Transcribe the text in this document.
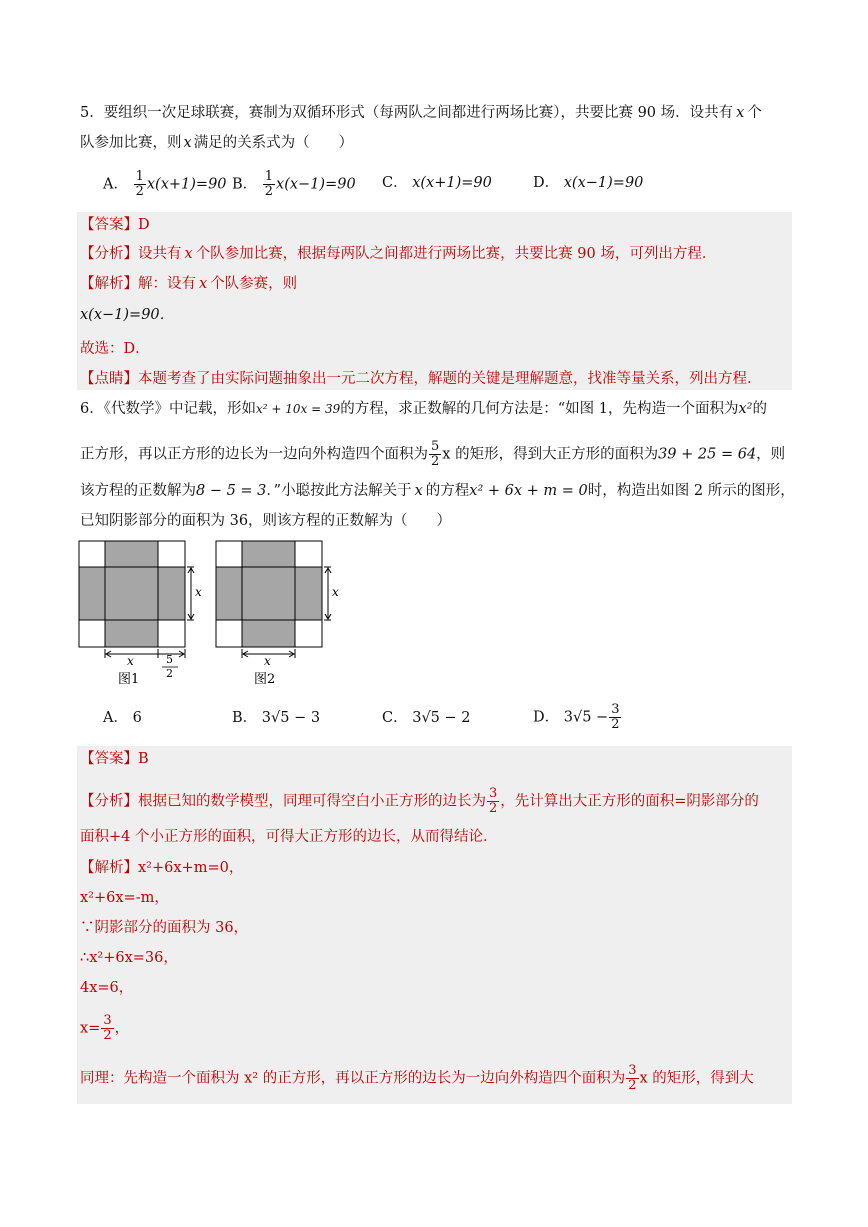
5．要组织一次足球联赛，赛制为双循环形式（每两队之间都进行两场比赛），共要比赛 90 场．设共有 x 个
队参加比赛，则 x 满足的关系式为（　　）
A． $\frac{1}{2} x(x+1)=90$ B． $\frac{1}{2} x(x-1)=90$ C． x(x+1)=90	D． x(x−1)=90
【答案】D
【分析】设共有 x 个队参加比赛，根据每两队之间都进行两场比赛，共要比赛 90 场，可列出方程．
【解析】解：设有 x 个队参赛，则
x(x−1)=90．
故选：D．
【点睛】本题考查了由实际问题抽象出一元二次方程，解题的关键是理解题意，找准等量关系，列出方程．
6．《代数学》中记载，形如x² + 10x = 39的方程，求正数解的几何方法是：“如图 1，先构造一个面积为x²的
正方形，再以正方形的边长为一边向外构造四个面积为 $\frac{5}{2}$ x 的矩形，得到大正方形的面积为39 + 25 = 64，则
该方程的正数解为8 − 5 = 3．”小聪按此方法解关于 x 的方程x² + 6x + m = 0时，构造出如图 2 所示的图形，
已知阴影部分的面积为 36，则该方程的正数解为（　　）
x
x	5
2
x
x
图1	图2
A． 6	B． 3√5 − 3	C． 3√5 − 2	D． $3√5 - \frac{3}{2}$
【答案】B
【分析】根据已知的数学模型，同理可得空白小正方形的边长为 $\frac{3}{2}$ ，先计算出大正方形的面积=阴影部分的
面积+4 个小正方形的面积，可得大正方形的边长，从而得结论．
【解析】x²+6x+m=0，
x²+6x=-m，
∵阴影部分的面积为 36，
∴x²+6x=36，
4x=6，
$x= \frac{3}{2}$ ，
同理：先构造一个面积为 x² 的正方形，再以正方形的边长为一边向外构造四个面积为 $\frac{3}{2}$ x 的矩形，得到大
